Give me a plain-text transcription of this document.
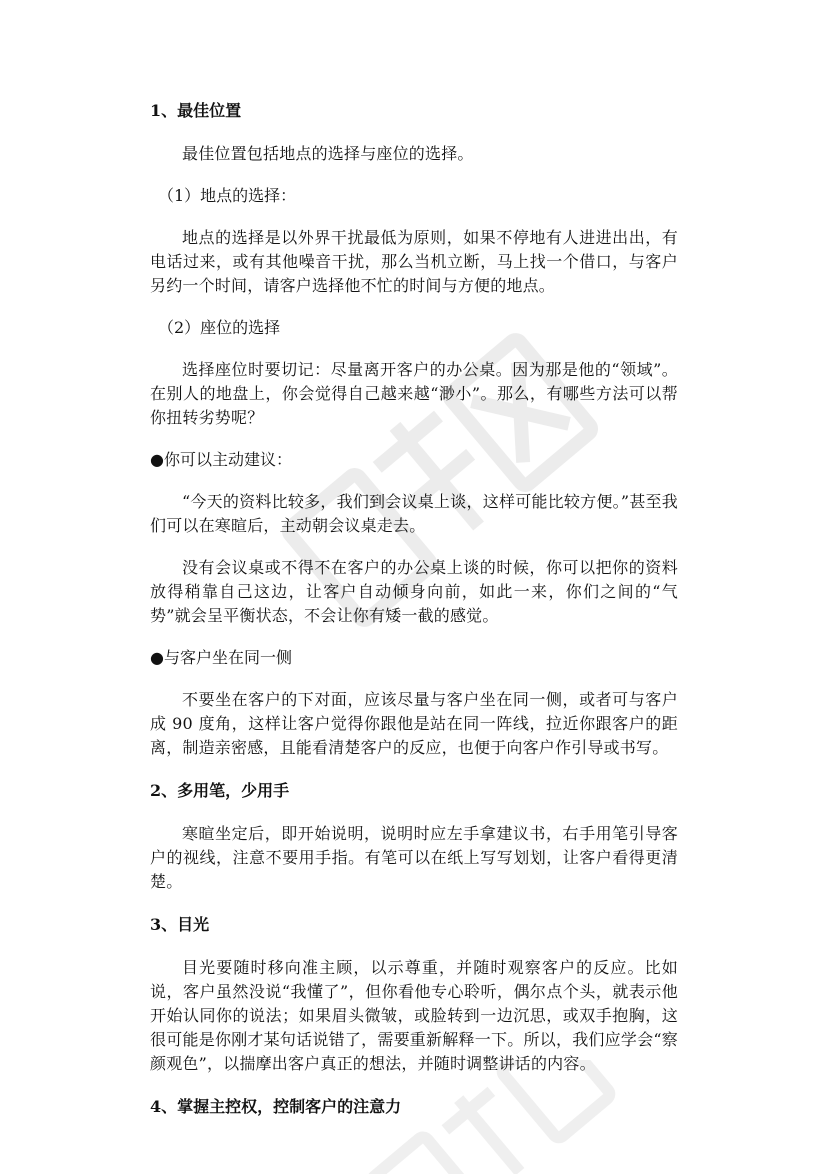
1、最佳位置

最佳位置包括地点的选择与座位的选择。

（1）地点的选择：

地点的选择是以外界干扰最低为原则，如果不停地有人进进出出，有电话过来，或有其他噪音干扰，那么当机立断，马上找一个借口，与客户另约一个时间，请客户选择他不忙的时间与方便的地点。

（2）座位的选择

选择座位时要切记：尽量离开客户的办公桌。因为那是他的“领域”。在别人的地盘上，你会觉得自己越来越“渺小”。那么，有哪些方法可以帮你扭转劣势呢？

●你可以主动建议：

“今天的资料比较多，我们到会议桌上谈，这样可能比较方便。”甚至我们可以在寒暄后，主动朝会议桌走去。

没有会议桌或不得不在客户的办公桌上谈的时候，你可以把你的资料放得稍靠自己这边，让客户自动倾身向前，如此一来，你们之间的“气势”就会呈平衡状态，不会让你有矮一截的感觉。

●与客户坐在同一侧

不要坐在客户的下对面，应该尽量与客户坐在同一侧，或者可与客户成 90 度角，这样让客户觉得你跟他是站在同一阵线，拉近你跟客户的距离，制造亲密感，且能看清楚客户的反应，也便于向客户作引导或书写。

2、多用笔，少用手

寒暄坐定后，即开始说明，说明时应左手拿建议书，右手用笔引导客户的视线，注意不要用手指。有笔可以在纸上写写划划，让客户看得更清楚。

3、目光

目光要随时移向准主顾，以示尊重，并随时观察客户的反应。比如说，客户虽然没说“我懂了”，但你看他专心聆听，偶尔点个头，就表示他开始认同你的说法；如果眉头微皱，或脸转到一边沉思，或双手抱胸，这很可能是你刚才某句话说错了，需要重新解释一下。所以，我们应学会“察颜观色”，以揣摩出客户真正的想法，并随时调整讲话的内容。

4、掌握主控权，控制客户的注意力
